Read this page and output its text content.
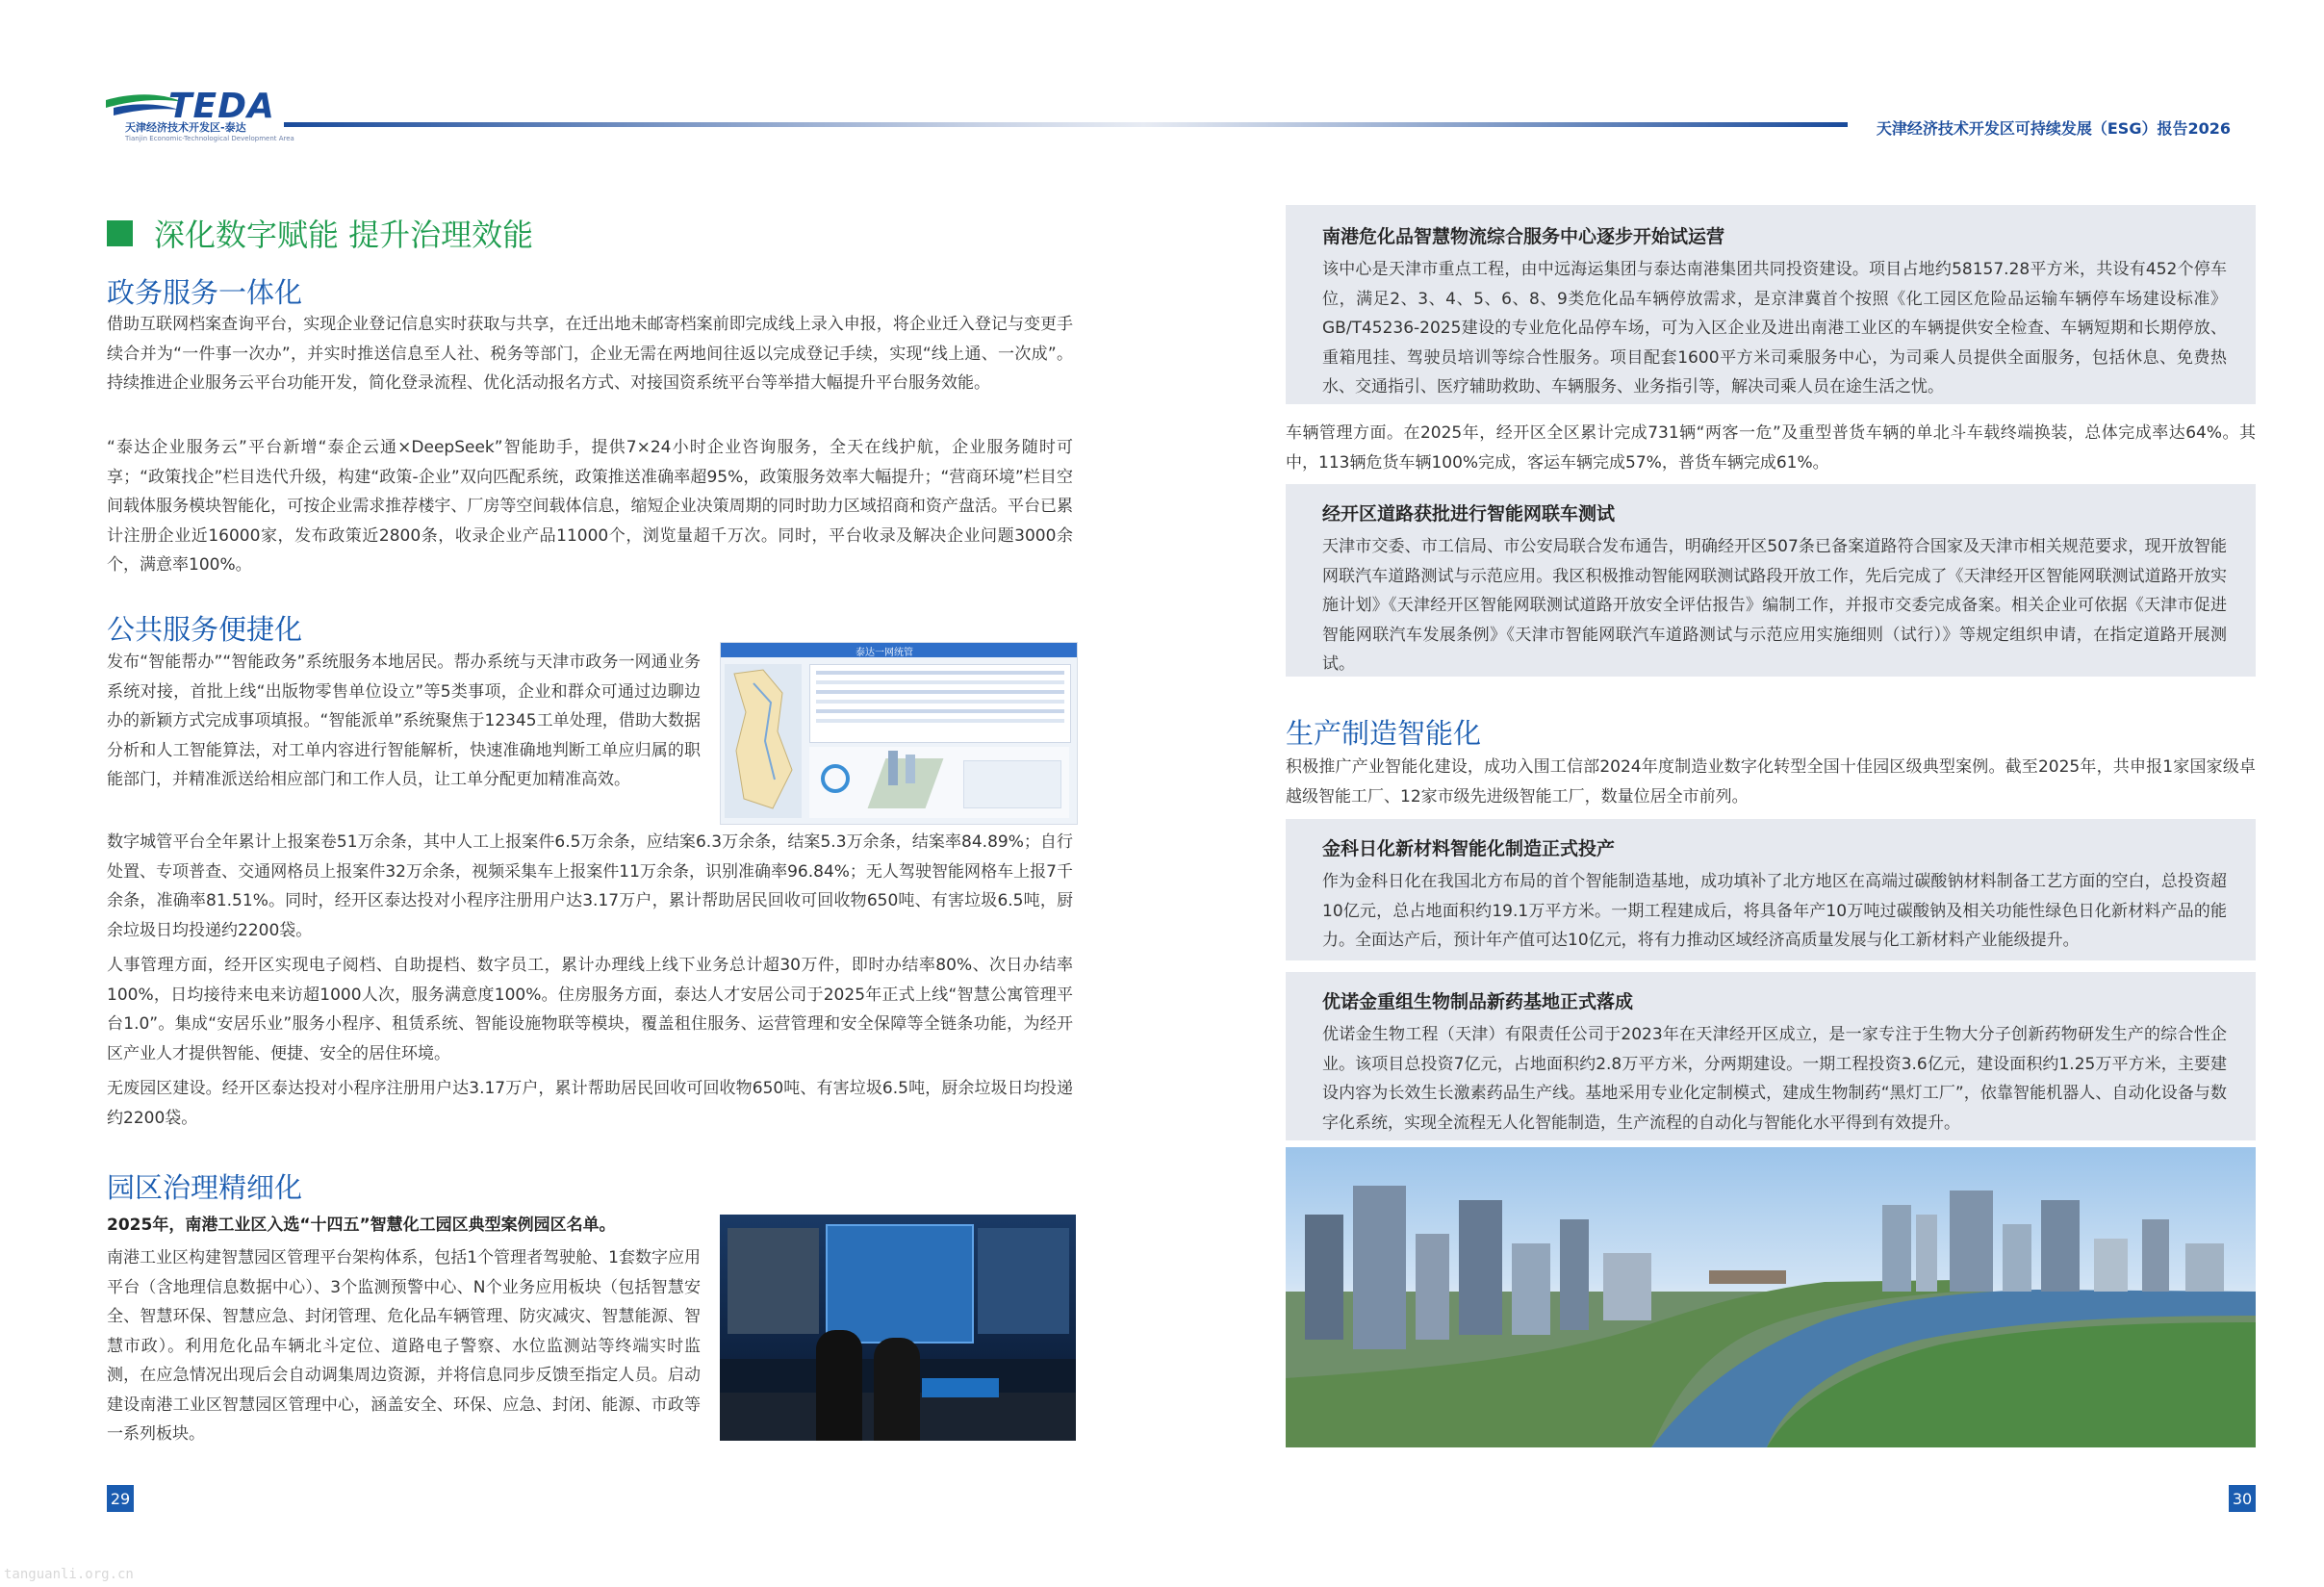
TEDA
天津经济技术开发区-泰达
Tianjin Economic-Technological Development Area
天津经济技术开发区可持续发展（ESG）报告2026
深化数字赋能 提升治理效能
政务服务一体化
借助互联网档案查询平台，实现企业登记信息实时获取与共享，在迁出地未邮寄档案前即完成线上录入申报，将企业迁入登记与变更手续合并为“一件事一次办”，并实时推送信息至人社、税务等部门，企业无需在两地间往返以完成登记手续，实现“线上通、一次成”。持续推进企业服务云平台功能开发，简化登录流程、优化活动报名方式、对接国资系统平台等举措大幅提升平台服务效能。
“泰达企业服务云”平台新增“泰企云通×DeepSeek”智能助手，提供7×24小时企业咨询服务，全天在线护航，企业服务随时可享；“政策找企”栏目迭代升级，构建“政策-企业”双向匹配系统，政策推送准确率超95%，政策服务效率大幅提升；“营商环境”栏目空间载体服务模块智能化，可按企业需求推荐楼宇、厂房等空间载体信息，缩短企业决策周期的同时助力区域招商和资产盘活。平台已累计注册企业近16000家，发布政策近2800条，收录企业产品11000个，浏览量超千万次。同时，平台收录及解决企业问题3000余个，满意率100%。
公共服务便捷化
发布“智能帮办”“智能政务”系统服务本地居民。帮办系统与天津市政务一网通业务系统对接，首批上线“出版物零售单位设立”等5类事项，企业和群众可通过边聊边办的新颖方式完成事项填报。“智能派单”系统聚焦于12345工单处理，借助大数据分析和人工智能算法，对工单内容进行智能解析，快速准确地判断工单应归属的职能部门，并精准派送给相应部门和工作人员，让工单分配更加精准高效。
泰达一网统管
数字城管平台全年累计上报案卷51万余条，其中人工上报案件6.5万余条，应结案6.3万余条，结案5.3万余条，结案率84.89%；自行处置、专项普查、交通网格员上报案件32万余条，视频采集车上报案件11万余条，识别准确率96.84%；无人驾驶智能网格车上报7千余条，准确率81.51%。同时，经开区泰达投对小程序注册用户达3.17万户，累计帮助居民回收可回收物650吨、有害垃圾6.5吨，厨余垃圾日均投递约2200袋。
人事管理方面，经开区实现电子阅档、自助提档、数字员工，累计办理线上线下业务总计超30万件，即时办结率80%、次日办结率100%，日均接待来电来访超1000人次，服务满意度100%。住房服务方面，泰达人才安居公司于2025年正式上线“智慧公寓管理平台1.0”。集成“安居乐业”服务小程序、租赁系统、智能设施物联等模块，覆盖租住服务、运营管理和安全保障等全链条功能，为经开区产业人才提供智能、便捷、安全的居住环境。
无废园区建设。经开区泰达投对小程序注册用户达3.17万户，累计帮助居民回收可回收物650吨、有害垃圾6.5吨，厨余垃圾日均投递约2200袋。
园区治理精细化
2025年，南港工业区入选“十四五”智慧化工园区典型案例园区名单。
南港工业区构建智慧园区管理平台架构体系，包括1个管理者驾驶舱、1套数字应用平台（含地理信息数据中心）、3个监测预警中心、N个业务应用板块（包括智慧安全、智慧环保、智慧应急、封闭管理、危化品车辆管理、防灾减灾、智慧能源、智慧市政）。利用危化品车辆北斗定位、道路电子警察、水位监测站等终端实时监测，在应急情况出现后会自动调集周边资源，并将信息同步反馈至指定人员。启动建设南港工业区智慧园区管理中心，涵盖安全、环保、应急、封闭、能源、市政等一系列板块。
29
南港危化品智慧物流综合服务中心逐步开始试运营
该中心是天津市重点工程，由中远海运集团与泰达南港集团共同投资建设。项目占地约58157.28平方米，共设有452个停车位，满足2、3、4、5、6、8、9类危化品车辆停放需求，是京津冀首个按照《化工园区危险品运输车辆停车场建设标准》GB/T45236-2025建设的专业危化品停车场，可为入区企业及进出南港工业区的车辆提供安全检查、车辆短期和长期停放、重箱甩挂、驾驶员培训等综合性服务。项目配套1600平方米司乘服务中心，为司乘人员提供全面服务，包括休息、免费热水、交通指引、医疗辅助救助、车辆服务、业务指引等，解决司乘人员在途生活之忧。
车辆管理方面。在2025年，经开区全区累计完成731辆“两客一危”及重型普货车辆的单北斗车载终端换装，总体完成率达64%。其中，113辆危货车辆100%完成，客运车辆完成57%，普货车辆完成61%。
经开区道路获批进行智能网联车测试
天津市交委、市工信局、市公安局联合发布通告，明确经开区507条已备案道路符合国家及天津市相关规范要求，现开放智能网联汽车道路测试与示范应用。我区积极推动智能网联测试路段开放工作，先后完成了《天津经开区智能网联测试道路开放实施计划》《天津经开区智能网联测试道路开放安全评估报告》编制工作，并报市交委完成备案。相关企业可依据《天津市促进智能网联汽车发展条例》《天津市智能网联汽车道路测试与示范应用实施细则（试行）》等规定组织申请，在指定道路开展测试。
生产制造智能化
积极推广产业智能化建设，成功入围工信部2024年度制造业数字化转型全国十佳园区级典型案例。截至2025年，共申报1家国家级卓越级智能工厂、12家市级先进级智能工厂，数量位居全市前列。
金科日化新材料智能化制造正式投产
作为金科日化在我国北方布局的首个智能制造基地，成功填补了北方地区在高端过碳酸钠材料制备工艺方面的空白，总投资超10亿元，总占地面积约19.1万平方米。一期工程建成后，将具备年产10万吨过碳酸钠及相关功能性绿色日化新材料产品的能力。全面达产后，预计年产值可达10亿元，将有力推动区域经济高质量发展与化工新材料产业能级提升。
优诺金重组生物制品新药基地正式落成
优诺金生物工程（天津）有限责任公司于2023年在天津经开区成立，是一家专注于生物大分子创新药物研发生产的综合性企业。该项目总投资7亿元，占地面积约2.8万平方米，分两期建设。一期工程投资3.6亿元，建设面积约1.25万平方米，主要建设内容为长效生长激素药品生产线。基地采用专业化定制模式，建成生物制药“黑灯工厂”，依靠智能机器人、自动化设备与数字化系统，实现全流程无人化智能制造，生产流程的自动化与智能化水平得到有效提升。
30
tanguanli.org.cn
